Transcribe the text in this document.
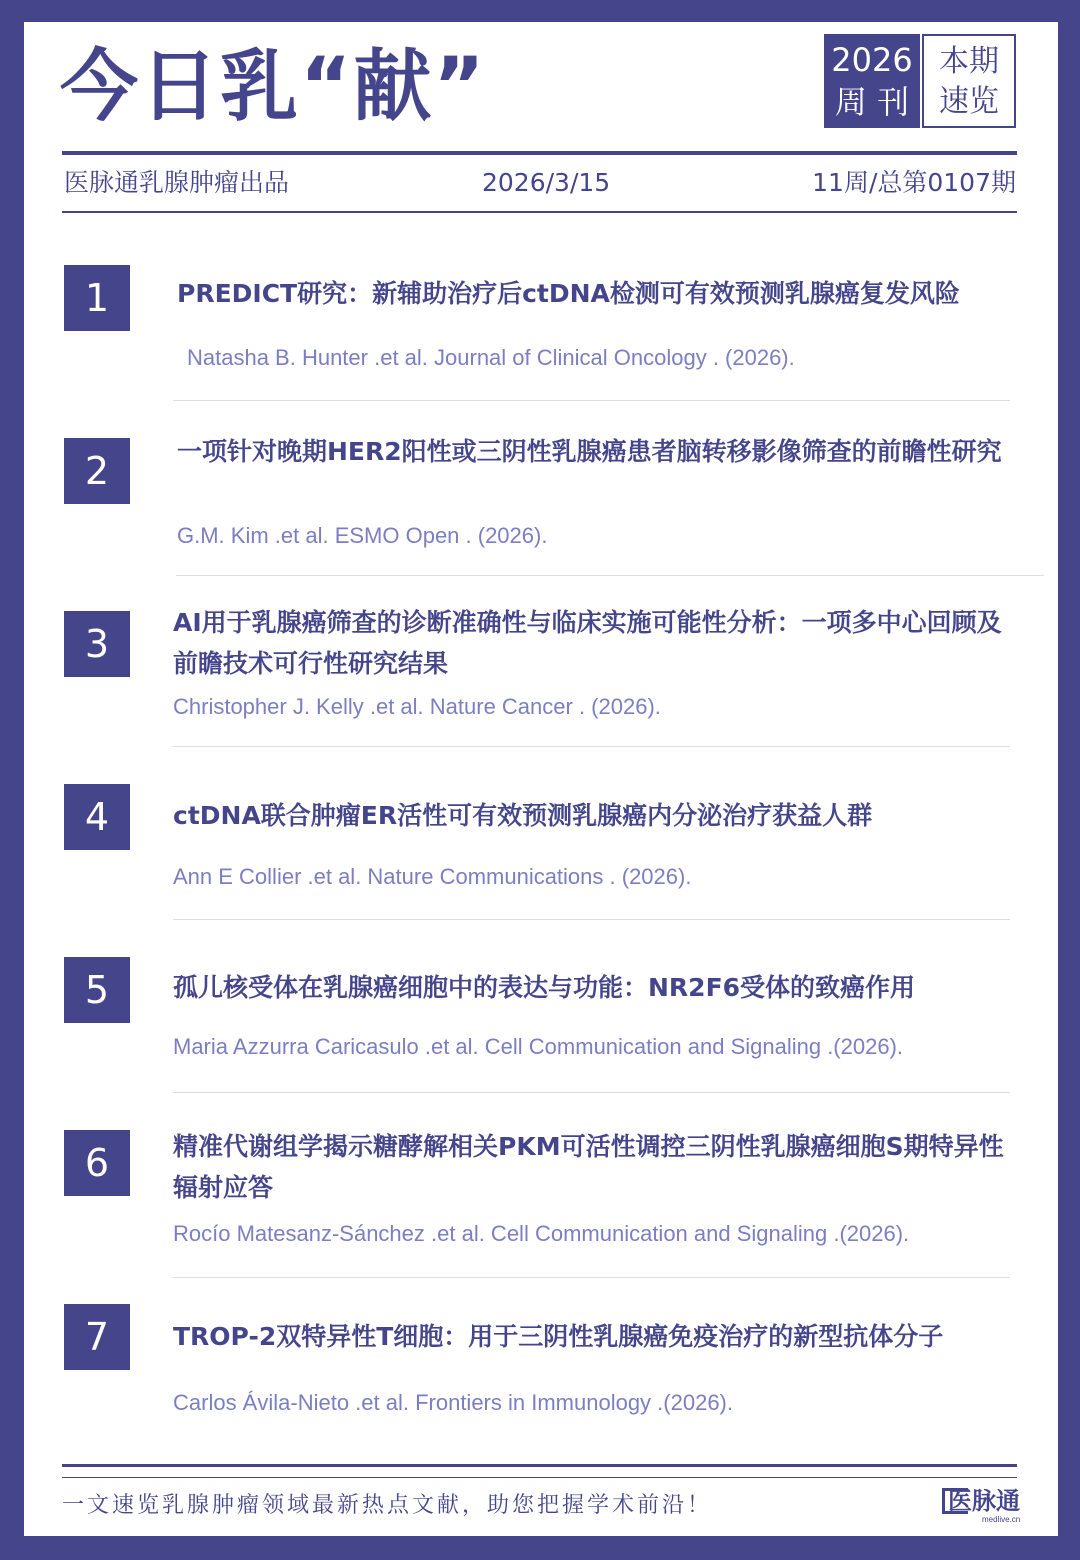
今日乳“献”	2026
周 刊
本期
速览
医脉通乳腺肿瘤出品	2026/3/15	11周/总第0107期
1	PREDICT研究：新辅助治疗后ctDNA检测可有效预测乳腺癌复发风险
Natasha B. Hunter .et al. Journal of Clinical Oncology . (2026).
2	一项针对晚期HER2阳性或三阴性乳腺癌患者脑转移影像筛查的前瞻性研究
G.M. Kim .et al. ESMO Open . (2026).
3	AI用于乳腺癌筛查的诊断准确性与临床实施可能性分析：一项多中心回顾及前瞻技术可行性研究结果
Christopher J. Kelly .et al. Nature Cancer . (2026).
4	ctDNA联合肿瘤ER活性可有效预测乳腺癌内分泌治疗获益人群
Ann E Collier .et al. Nature Communications . (2026).
5	孤儿核受体在乳腺癌细胞中的表达与功能：NR2F6受体的致癌作用
Maria Azzurra Caricasulo .et al. Cell Communication and Signaling .(2026).
6	精准代谢组学揭示糖酵解相关PKM可活性调控三阴性乳腺癌细胞S期特异性辐射应答
Rocío Matesanz-Sánchez .et al. Cell Communication and Signaling .(2026).
7	TROP-2双特异性T细胞：用于三阴性乳腺癌免疫治疗的新型抗体分子
Carlos Ávila-Nieto .et al. Frontiers in Immunology .(2026).
一文速览乳腺肿瘤领域最新热点文献，助您把握学术前沿！	医脉通
medlive.cn
